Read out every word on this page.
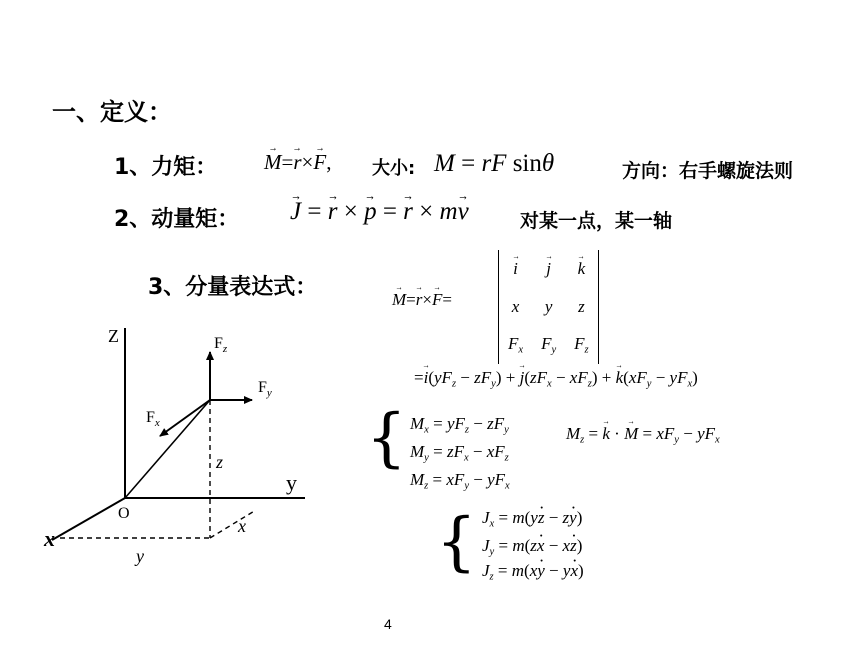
一、定义：
1、力矩： → M=→ r×→ F, 大小: M = rF sinθ	方向：右手螺旋法则
2、动量矩： → J = → r × → p = → r × m→ v	对某一点，某一轴
3、分量表达式：	→ M=→ r×→ F=
→ i	→ j	→ k
x	y	z
$F_x$	$F_y$	$F_z$
=→ $i(yF_z - zF_y)$ + → $j(zF_x - xF_z)$ + → $k(xF_y - yF_x)$
{ $M_x = yF_z - zF_y$
$M_y = zF_x - xF_z$
$M_z = xF_y - yF_x$
$M_z$ = → k · → $M = xF_y - yF_x$
{ $J_x = m(y\cdot z - z\cdot y)$
$J_y = m(z\cdot x - x\cdot z)$
$J_z = m(x\cdot y - y\cdot x)$
Z
y
x
O
$F_z$
$F_y$
$F_x$
z
x
y
4
